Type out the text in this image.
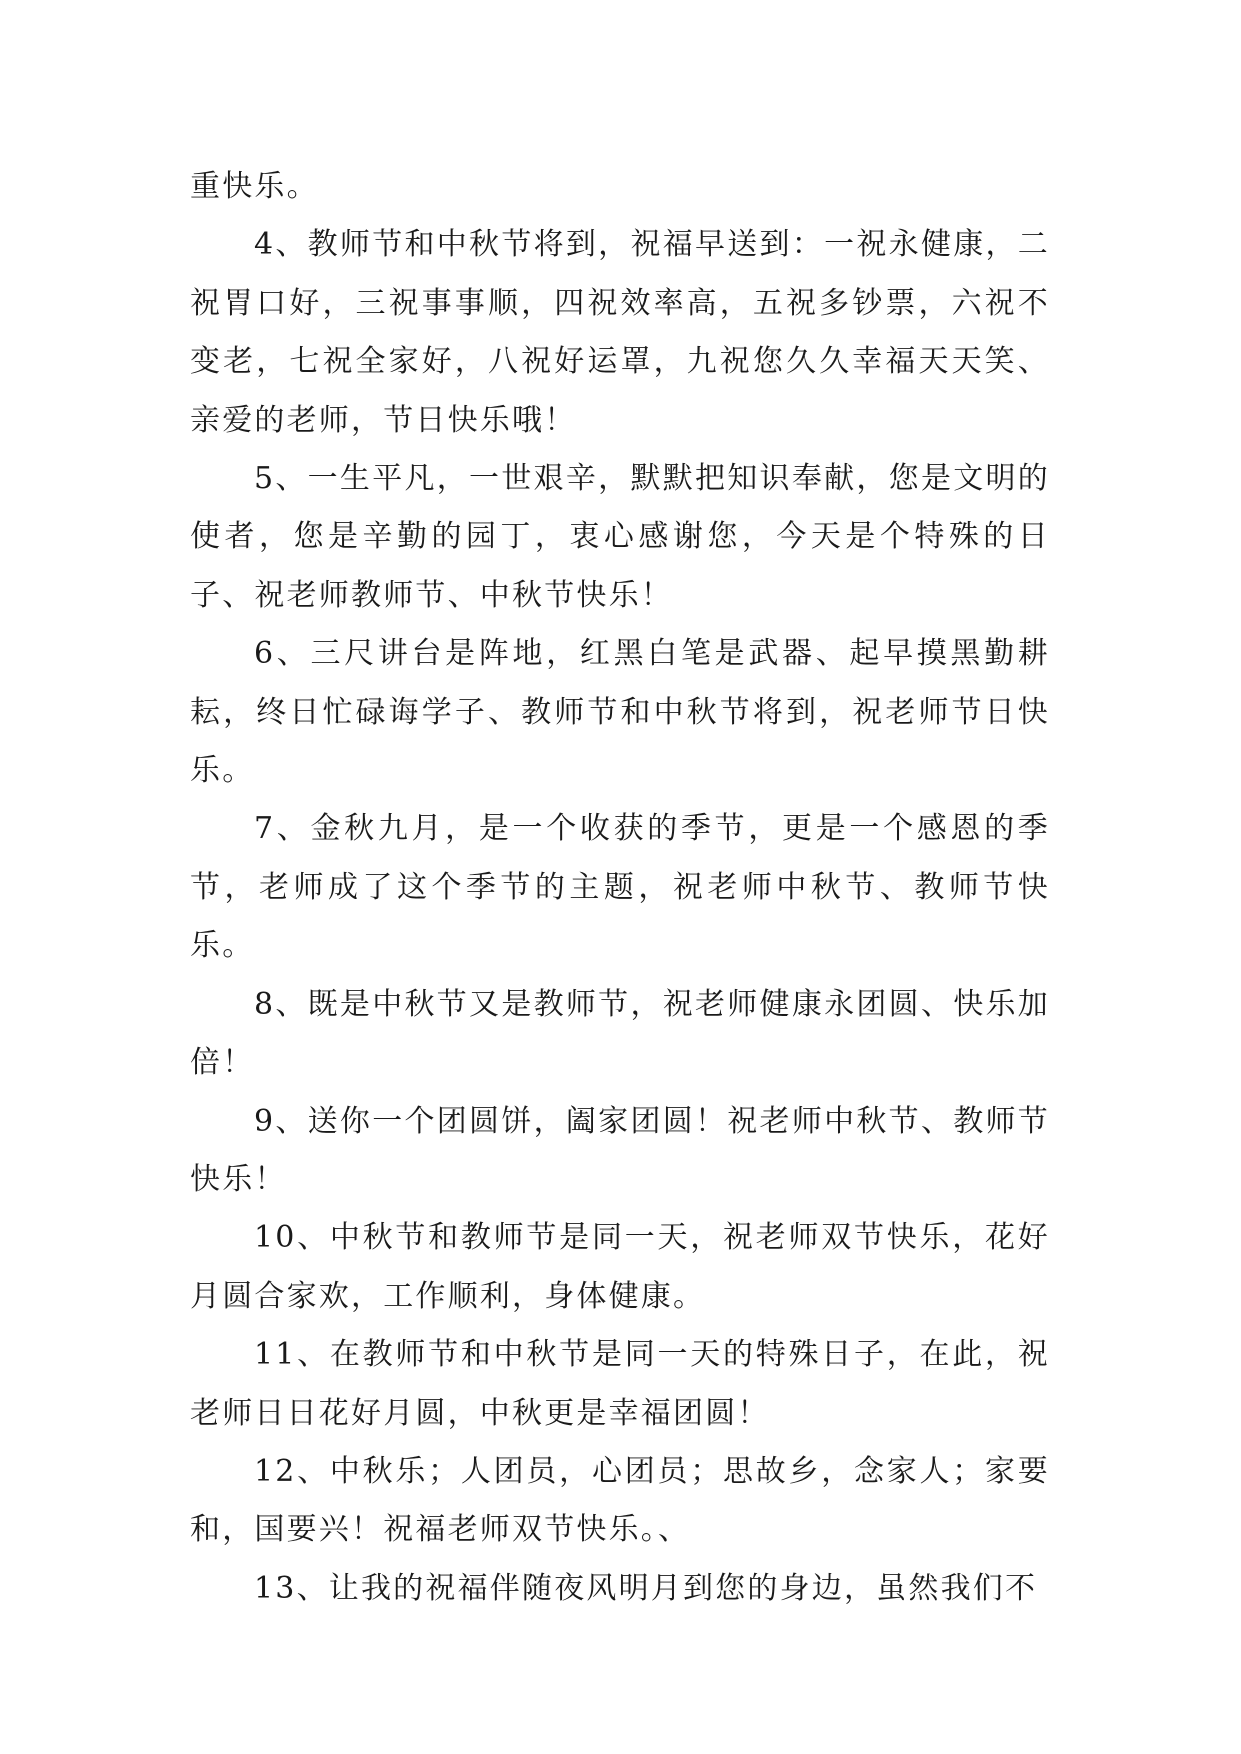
重快乐。

4、教师节和中秋节将到，祝福早送到：一祝永健康，二祝胃口好，三祝事事顺，四祝效率高，五祝多钞票，六祝不变老，七祝全家好，八祝好运罩，九祝您久久幸福天天笑、亲爱的老师，节日快乐哦！

5、一生平凡，一世艰辛，默默把知识奉献，您是文明的使者，您是辛勤的园丁，衷心感谢您，今天是个特殊的日子、祝老师教师节、中秋节快乐！

6、三尺讲台是阵地，红黑白笔是武器、起早摸黑勤耕耘，终日忙碌诲学子、教师节和中秋节将到，祝老师节日快乐。

7、金秋九月，是一个收获的季节，更是一个感恩的季节，老师成了这个季节的主题，祝老师中秋节、教师节快乐。

8、既是中秋节又是教师节，祝老师健康永团圆、快乐加倍！

9、送你一个团圆饼，阖家团圆！祝老师中秋节、教师节快乐！

10、中秋节和教师节是同一天，祝老师双节快乐，花好月圆合家欢，工作顺利，身体健康。

11、在教师节和中秋节是同一天的特殊日子，在此，祝老师日日花好月圆，中秋更是幸福团圆！

12、中秋乐；人团员，心团员；思故乡，念家人；家要和，国要兴！祝福老师双节快乐。、

13、让我的祝福伴随夜风明月到您的身边，虽然我们不
